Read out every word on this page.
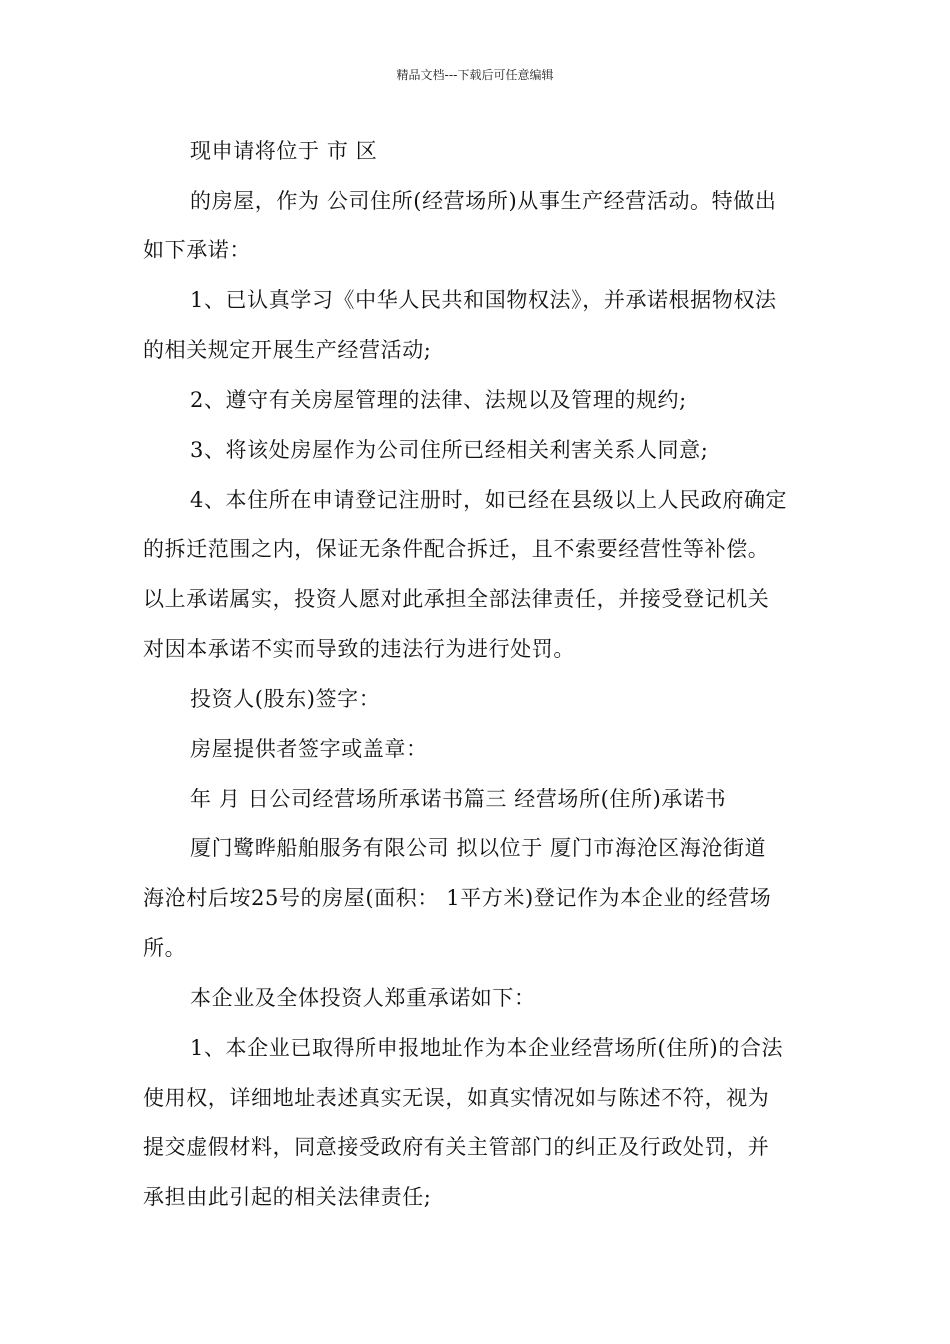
精品文档---下载后可任意编辑
现申请将位于 市 区
的房屋，作为 公司住所(经营场所)从事生产经营活动。特做出
如下承诺：
1、已认真学习《中华人民共和国物权法》，并承诺根据物权法
的相关规定开展生产经营活动;
2、遵守有关房屋管理的法律、法规以及管理的规约;
3、将该处房屋作为公司住所已经相关利害关系人同意;
4、本住所在申请登记注册时，如已经在县级以上人民政府确定
的拆迁范围之内，保证无条件配合拆迁，且不索要经营性等补偿。
以上承诺属实，投资人愿对此承担全部法律责任，并接受登记机关
对因本承诺不实而导致的违法行为进行处罚。
投资人(股东)签字：
房屋提供者签字或盖章：
年 月 日公司经营场所承诺书篇三 经营场所(住所)承诺书
厦门鹭晔船舶服务有限公司 拟以位于 厦门市海沧区海沧街道
海沧村后垵25号的房屋(面积： 1平方米)登记作为本企业的经营场
所。
本企业及全体投资人郑重承诺如下：
1、本企业已取得所申报地址作为本企业经营场所(住所)的合法
使用权，详细地址表述真实无误，如真实情况如与陈述不符，视为
提交虚假材料，同意接受政府有关主管部门的纠正及行政处罚，并
承担由此引起的相关法律责任;
